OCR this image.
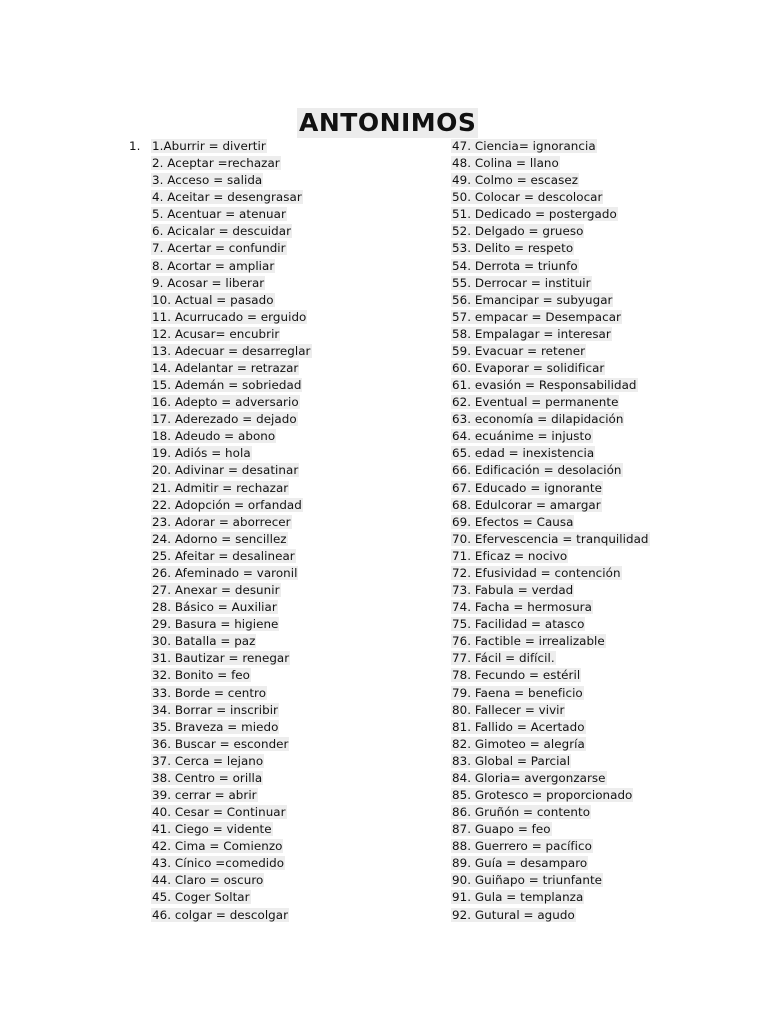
ANTONIMOS
1. 1.Aburrir = divertir
2. Aceptar =rechazar
3. Acceso = salida
4. Aceitar = desengrasar
5. Acentuar = atenuar
6. Acicalar = descuidar
7. Acertar = confundir
8. Acortar = ampliar
9. Acosar = liberar
10. Actual = pasado
11. Acurrucado = erguido
12. Acusar= encubrir
13. Adecuar = desarreglar
14. Adelantar = retrazar
15. Ademán = sobriedad
16. Adepto = adversario
17. Aderezado = dejado
18. Adeudo = abono
19. Adiós = hola
20. Adivinar = desatinar
21. Admitir = rechazar
22. Adopción = orfandad
23. Adorar = aborrecer
24. Adorno = sencillez
25. Afeitar = desalinear
26. Afeminado = varonil
27. Anexar = desunir
28. Básico = Auxiliar
29. Basura = higiene
30. Batalla = paz
31. Bautizar = renegar
32. Bonito = feo
33. Borde = centro
34. Borrar = inscribir
35. Braveza = miedo
36. Buscar = esconder
37. Cerca = lejano
38. Centro = orilla
39. cerrar = abrir
40. Cesar = Continuar
41. Ciego = vidente
42. Cima = Comienzo
43. Cínico =comedido
44. Claro = oscuro
45. Coger Soltar
46. colgar = descolgar
47. Ciencia= ignorancia
48. Colina = llano
49. Colmo = escasez
50. Colocar = descolocar
51. Dedicado = postergado
52. Delgado = grueso
53. Delito = respeto
54. Derrota = triunfo
55. Derrocar = instituir
56. Emancipar = subyugar
57. empacar = Desempacar
58. Empalagar = interesar
59. Evacuar = retener
60. Evaporar = solidificar
61. evasión = Responsabilidad
62. Eventual = permanente
63. economía = dilapidación
64. ecuánime = injusto
65. edad = inexistencia
66. Edificación = desolación
67. Educado = ignorante
68. Edulcorar = amargar
69. Efectos = Causa
70. Efervescencia = tranquilidad
71. Eficaz = nocivo
72. Efusividad = contención
73. Fabula = verdad
74. Facha = hermosura
75. Facilidad = atasco
76. Factible = irrealizable
77. Fácil = difícil.
78. Fecundo = estéril
79. Faena = beneficio
80. Fallecer = vivir
81. Fallido = Acertado
82. Gimoteo = alegría
83. Global = Parcial
84. Gloria= avergonzarse
85. Grotesco = proporcionado
86. Gruñón = contento
87. Guapo = feo
88. Guerrero = pacífico
89. Guía = desamparo
90. Guiñapo = triunfante
91. Gula = templanza
92. Gutural = agudo
